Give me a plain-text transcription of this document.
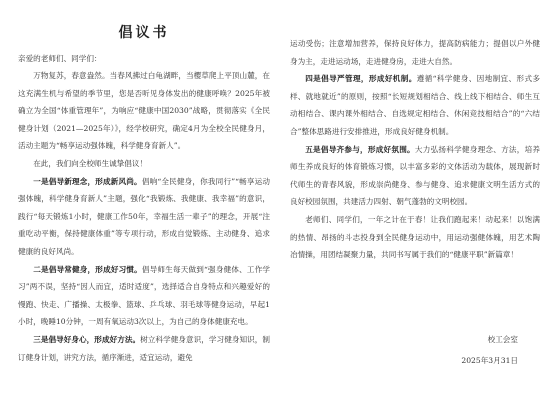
倡议书

亲爱的老师们、同学们：

万物复苏，春意盎然。当春风拂过白龟湖畔，当樱草爬上平顶山麓，在这充满生机与希望的季节里，您是否听见身体发出的健康呼唤？2025年被确立为全国“体重管理年”，为响应“健康中国2030”战略，贯彻落实《全民健身计划（2021—2025年）》，经学校研究，确定4月为全校全民健身月，活动主题为“畅享运动强体魄，科学健身育新人”。

在此，我们向全校师生诚挚倡议！

一是倡导新理念，形成新风尚。倡响“全民健身，你我同行”“畅享运动强体魄，科学健身育新人”主题，强化“我锻炼、我健康、我幸福”的意识，践行“每天锻炼1小时，健康工作50年，幸福生活一辈子”的理念，开展“注重吃动平衡，保持健康体重”等专项行动，形成自觉锻炼、主动健身、追求健康的良好风尚。

二是倡导常健身，形成好习惯。倡导师生每天做到“强身健体、工作学习”两不误，坚持“因人而宜，适时适度”，选择适合自身特点和兴趣爱好的慢跑、快走、广播操、太极拳、篮球、乒乓球、羽毛球等健身运动，早起1小时，晚睡10分钟，一周有氧运动3次以上，为自己的身体健康充电。

三是倡导好身心，形成好方法。树立科学健身意识，学习健身知识，制订健身计划，讲究方法，循序渐进，适宜运动，避免

运动受伤；注意增加营养，保持良好体力，提高防病能力；提倡以户外健身为主，走进运动场，走进健身房，走进大自然。

四是倡导严管理，形成好机制。遵循“科学健身、因地制宜、形式多样、就地就近”的原则，按照“长短规划相结合、线上线下相结合、师生互动相结合、课内课外相结合、自选规定相结合、休闲竞技相结合”的“六结合”整体思路进行安排推进，形成良好健身机制。

五是倡导齐参与，形成好氛围。大力弘扬科学健身理念、方法，培养师生养成良好的体育锻炼习惯，以丰富多彩的文体活动为载体，展现新时代师生的青春风貌，形成崇尚健身、参与健身、追求健康文明生活方式的良好校园氛围，共建活力四射、朝气蓬勃的文明校园。

老师们、同学们，一年之计在于春！让我们跑起来！动起来！以饱满的热情、昂扬的斗志投身到全民健身运动中，用运动强健体魄，用艺术陶冶情操，用团结凝聚力量，共同书写属于我们的“健康平职”新篇章！

校工会室
2025年3月31日
